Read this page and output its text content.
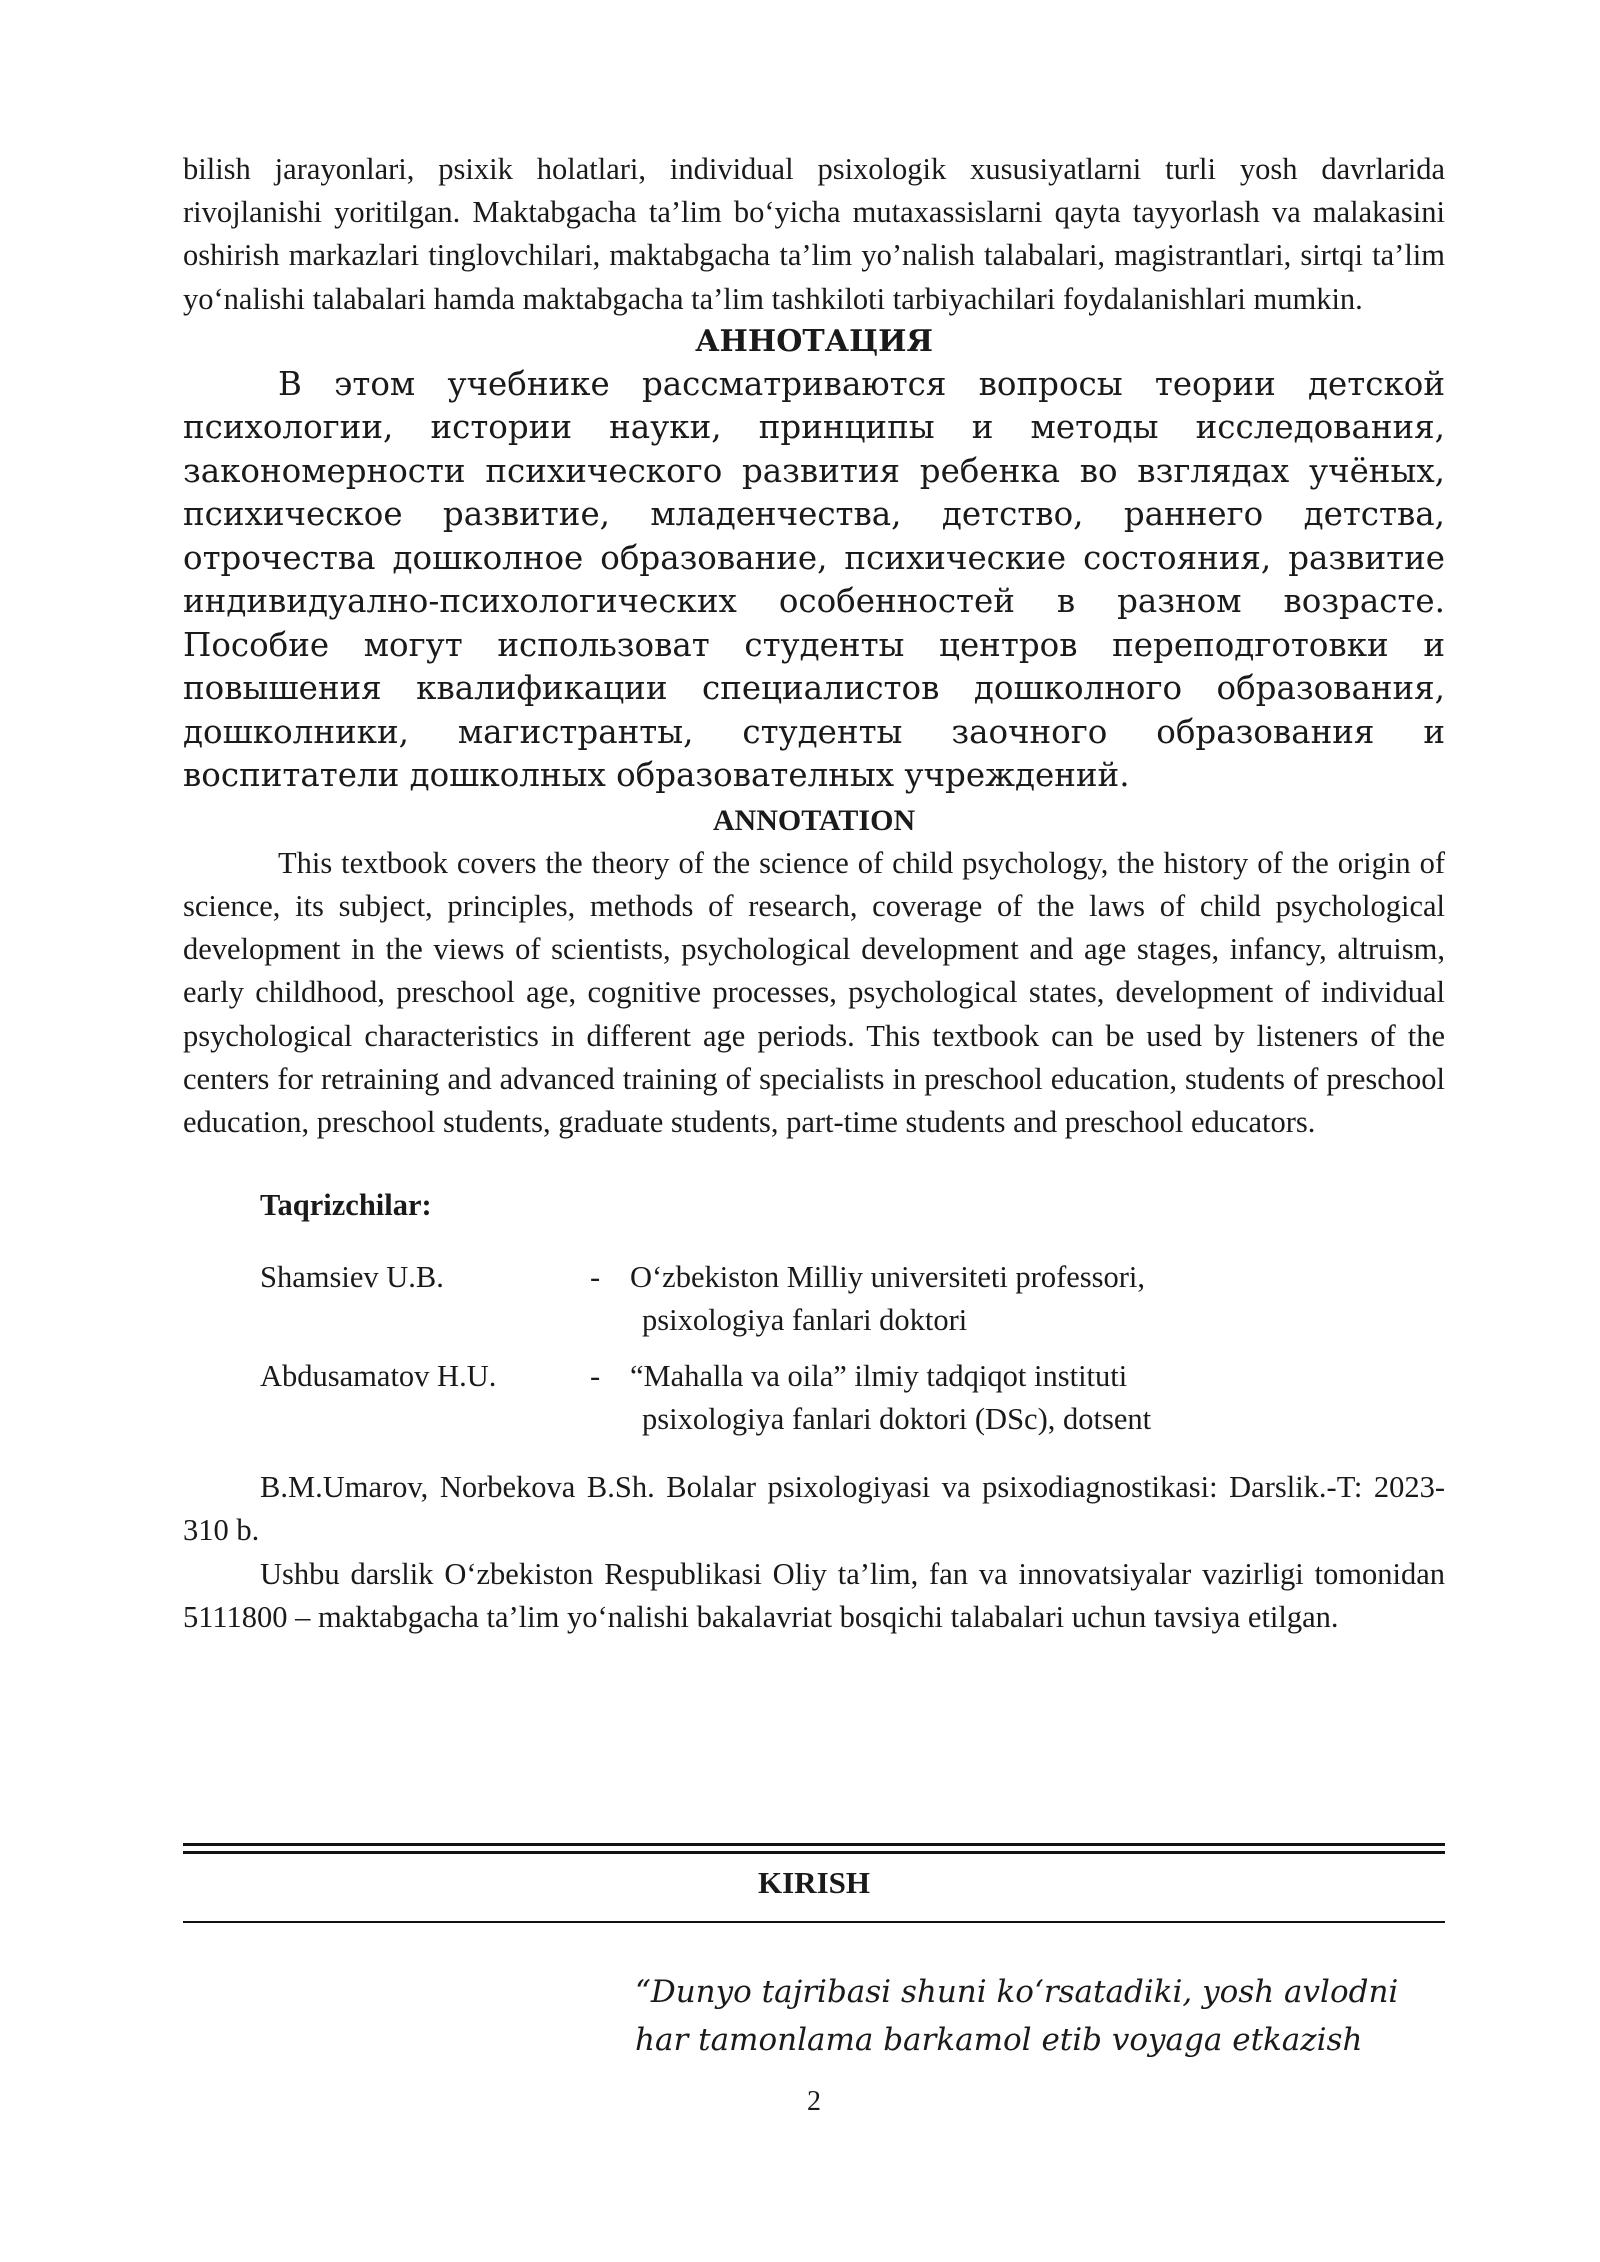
bilish jarayonlari, psixik holatlari, individual psixologik xususiyatlarni turli yosh davrlarida rivojlanishi yoritilgan. Maktabgacha ta’lim bo‘yicha mutaxassislarni qayta tayyorlash va malakasini oshirish markazlari tinglovchilari, maktabgacha ta’lim yo’nalish talabalari, magistrantlari, sirtqi ta’lim yo‘nalishi talabalari hamda maktabgacha ta’lim tashkiloti tarbiyachilari foydalanishlari mumkin.

АННОТАЦИЯ

В этом учебнике рассматриваются вопросы теории детской психологии, истории науки, принципы и методы исследования, закономерности психического развития ребенка во взглядах учёных, психическое развитие, младенчества, детство, раннего детства, отрочества дошколное образование, психические состояния, развитие индивидуално-психологических особенностей в разном возрасте. Пособие могут использоват студенты центров переподготовки и повышения квалификации специалистов дошколного образования, дошколники, магистранты, студенты заочного образования и воспитатели дошколных образователных учреждений.

ANNOTATION

This textbook covers the theory of the science of child psychology, the history of the origin of science, its subject, principles, methods of research, coverage of the laws of child psychological development in the views of scientists, psychological development and age stages, infancy, altruism, early childhood, preschool age, cognitive processes, psychological states, development of individual psychological characteristics in different age periods. This textbook can be used by listeners of the centers for retraining and advanced training of specialists in preschool education, students of preschool education, preschool students, graduate students, part-time students and preschool educators.

Taqrizchilar:

Shamsiev U.B.	- O‘zbekiston Milliy universiteti professori,
psixologiya fanlari doktori
Abdusamatov H.U.	- “Mahalla va oila” ilmiy tadqiqot instituti
psixologiya fanlari doktori (DSc), dotsent

B.M.Umarov, Norbekova B.Sh. Bolalar psixologiyasi va psixodiagnostikasi: Darslik.-T: 2023-310 b.

Ushbu darslik O‘zbekiston Respublikasi Oliy ta’lim, fan va innovatsiyalar vazirligi tomonidan 5111800 – maktabgacha ta’lim yo‘nalishi bakalavriat bosqichi talabalari uchun tavsiya etilgan.

KIRISH
“Dunyo tajribasi shuni ko‘rsatadiki, yosh avlodni
har tamonlama barkamol etib voyaga etkazish
2
